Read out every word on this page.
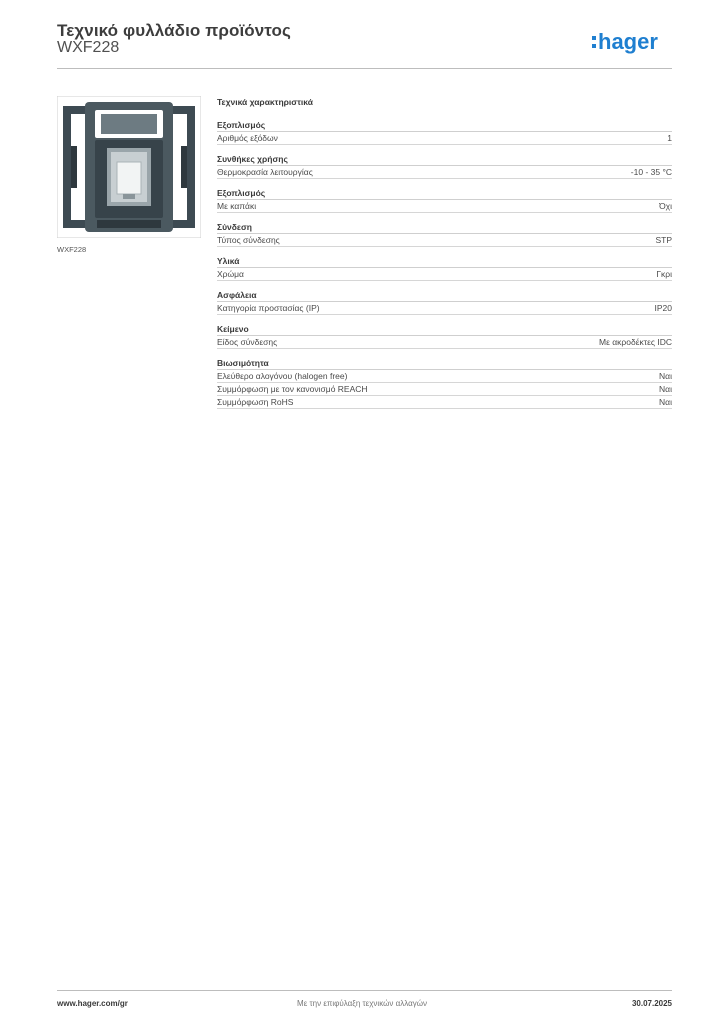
Τεχνικό φυλλάδιο προϊόντος
WXF228	hager
WXF228
Τεχνικά χαρακτηριστικά
Εξοπλισμός
Αριθμός εξόδων	1
Συνθήκες χρήσης
Θερμοκρασία λειτουργίας	-10 - 35 °C
Εξοπλισμός
Με καπάκι	Όχι
Σύνδεση
Τύπος σύνδεσης	STP
Υλικά
Χρώμα	Γκρι
Ασφάλεια
Κατηγορία προστασίας (IP)	IP20
Κείμενο
Είδος σύνδεσης	Με ακροδέκτες IDC
Βιωσιμότητα
Ελεύθερο αλογόνου (halogen free)	Ναι
Συμμόρφωση με τον κανονισμό REACH	Ναι
Συμμόρφωση RoHS	Ναι
www.hager.com/gr	Με την επιφύλαξη τεχνικών αλλαγών	30.07.2025
